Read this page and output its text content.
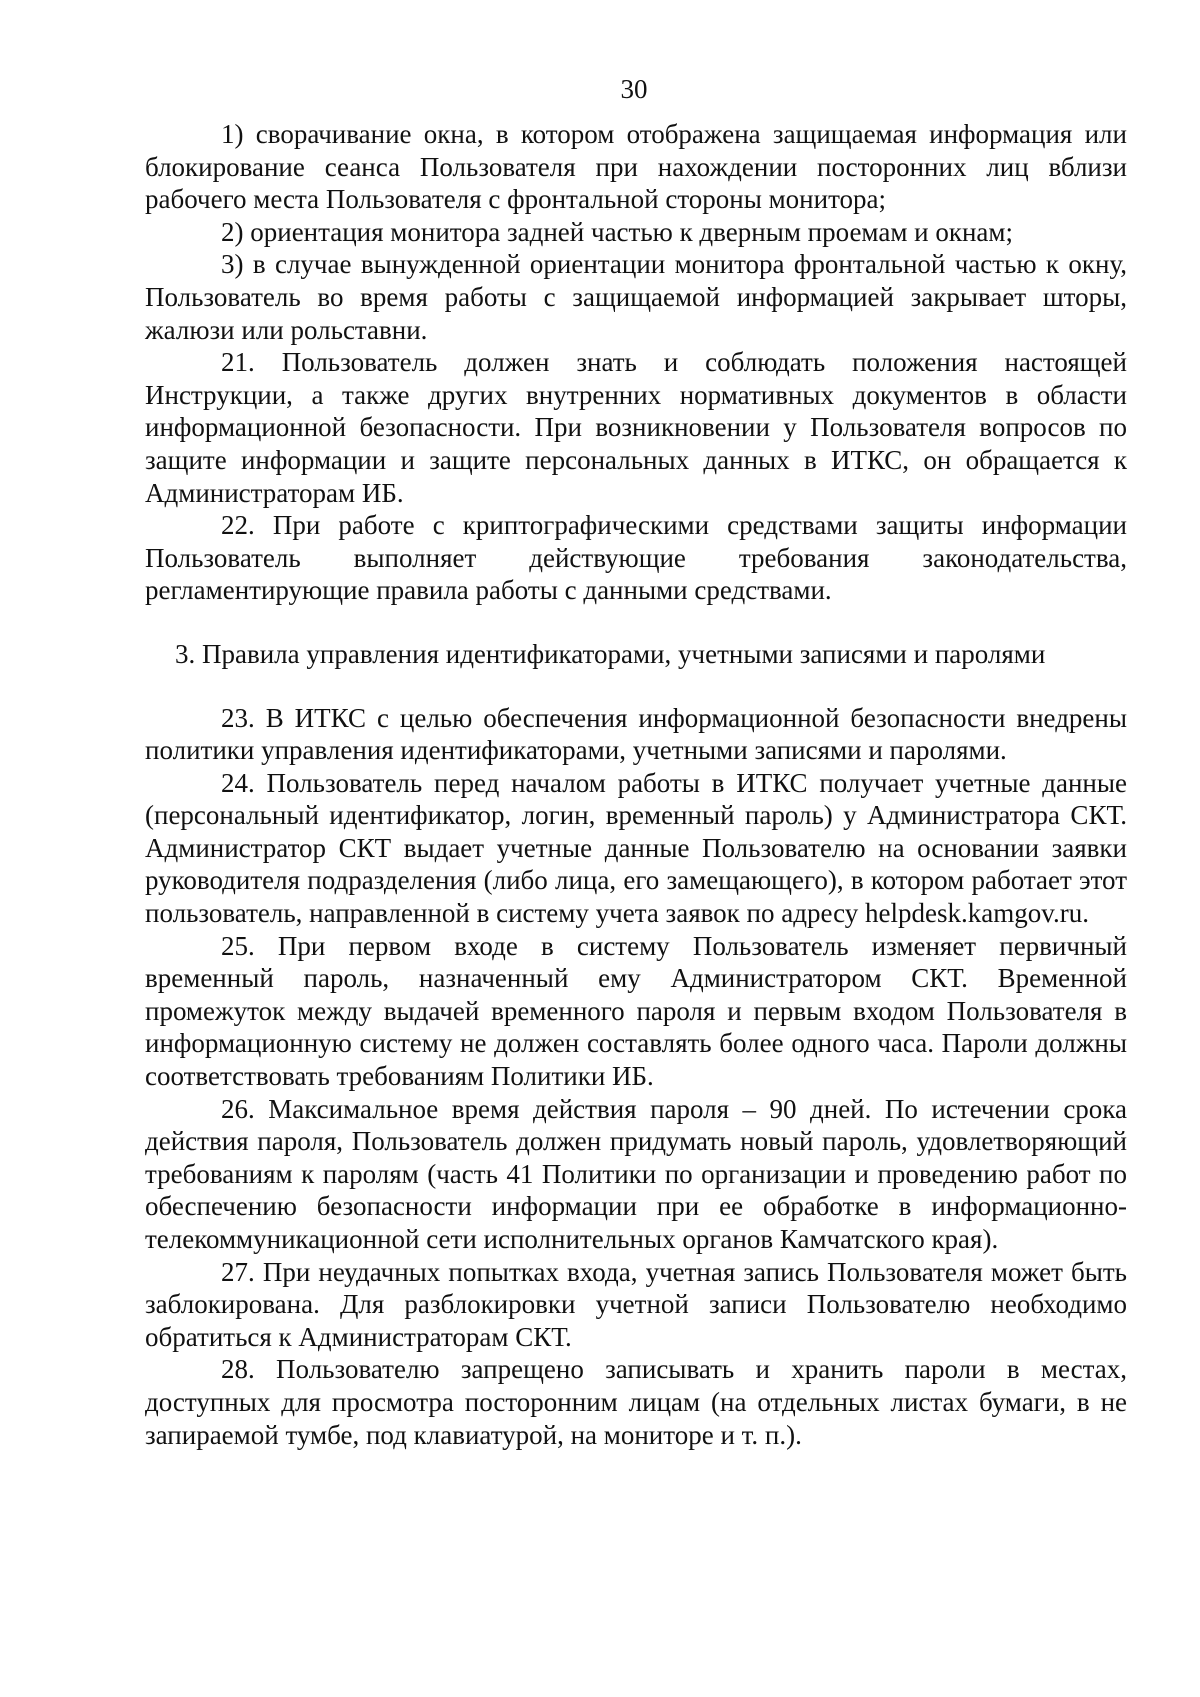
30

1) сворачивание окна, в котором отображена защищаемая информация или блокирование сеанса Пользователя при нахождении посторонних лиц вблизи рабочего места Пользователя с фронтальной стороны монитора;

2) ориентация монитора задней частью к дверным проемам и окнам;

3) в случае вынужденной ориентации монитора фронтальной частью к окну, Пользователь во время работы с защищаемой информацией закрывает шторы, жалюзи или рольставни.

21. Пользователь должен знать и соблюдать положения настоящей Инструкции, а также других внутренних нормативных документов в области информационной безопасности. При возникновении у Пользователя вопросов по защите информации и защите персональных данных в ИТКС, он обращается к Администраторам ИБ.

22. При работе с криптографическими средствами защиты информации Пользователь выполняет действующие требования законодательства, регламентирующие правила работы с данными средствами.

3. Правила управления идентификаторами, учетными записями и паролями

23. В ИТКС с целью обеспечения информационной безопасности внедрены политики управления идентификаторами, учетными записями и паролями.

24. Пользователь перед началом работы в ИТКС получает учетные данные (персональный идентификатор, логин, временный пароль) у Администратора СКТ. Администратор СКТ выдает учетные данные Пользователю на основании заявки руководителя подразделения (либо лица, его замещающего), в котором работает этот пользователь, направленной в систему учета заявок по адресу helpdesk.kamgov.ru.

25. При первом входе в систему Пользователь изменяет первичный временный пароль, назначенный ему Администратором СКТ. Временной промежуток между выдачей временного пароля и первым входом Пользователя в информационную систему не должен составлять более одного часа. Пароли должны соответствовать требованиям Политики ИБ.

26. Максимальное время действия пароля – 90 дней. По истечении срока действия пароля, Пользователь должен придумать новый пароль, удовлетворяющий требованиям к паролям (часть 41 Политики по организации и проведению работ по обеспечению безопасности информации при ее обработке в информационно-телекоммуникационной сети исполнительных органов Камчатского края).

27. При неудачных попытках входа, учетная запись Пользователя может быть заблокирована. Для разблокировки учетной записи Пользователю необходимо обратиться к Администраторам СКТ.

28. Пользователю запрещено записывать и хранить пароли в местах, доступных для просмотра посторонним лицам (на отдельных листах бумаги, в не запираемой тумбе, под клавиатурой, на мониторе и т. п.).
